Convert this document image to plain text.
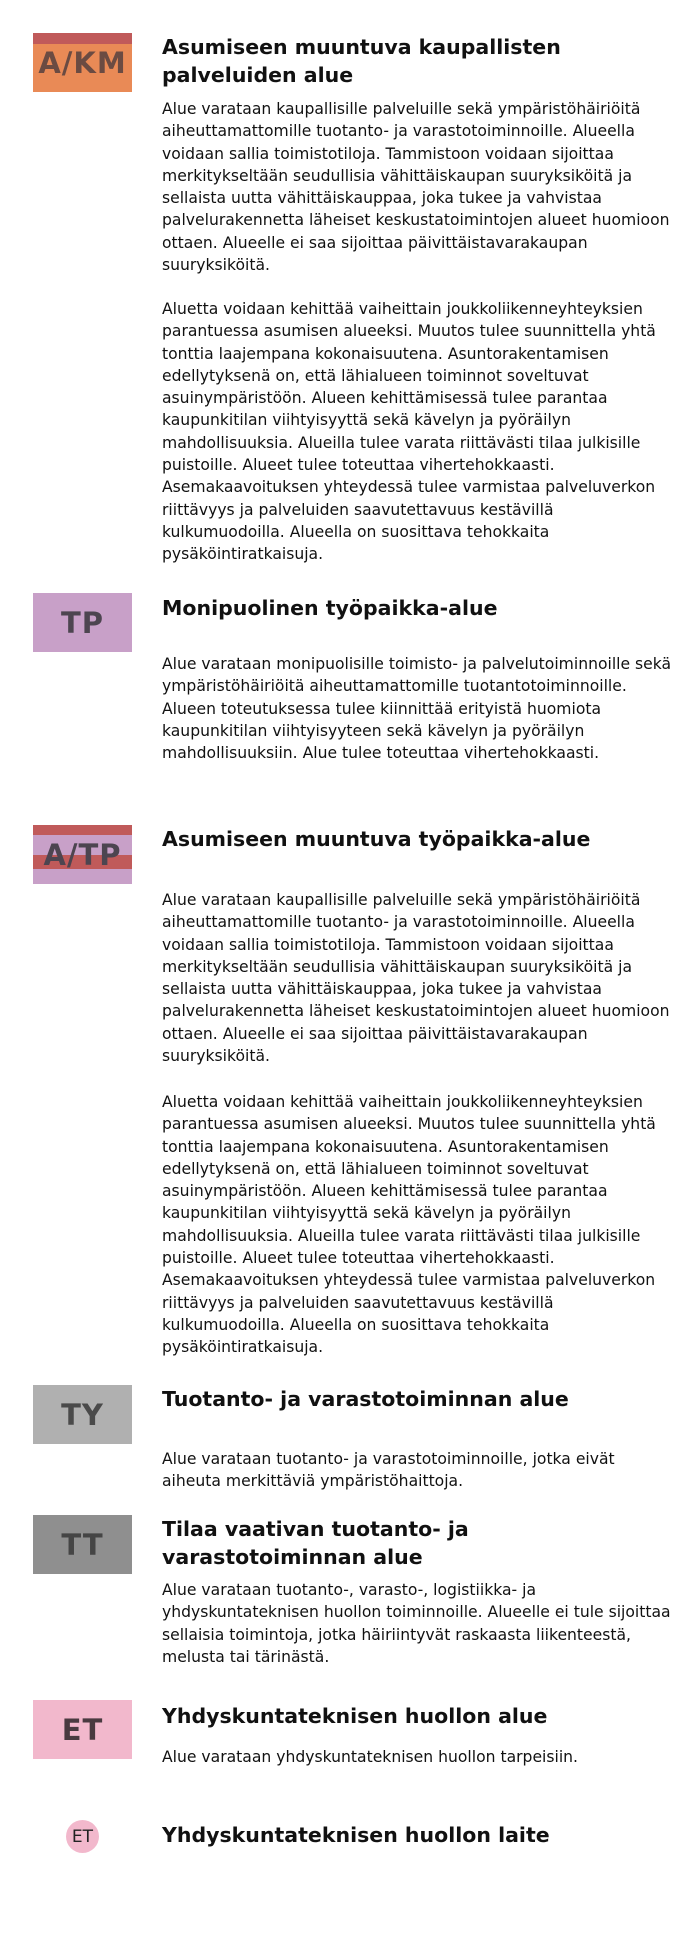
A/KM Asumiseen muuntuva kaupallisten palveluiden alue

Alue varataan kaupallisille palveluille sekä ympäristöhäiriöitä aiheuttamattomille tuotanto- ja varastotoiminnoille. Alueella voidaan sallia toimistotiloja. Tammistoon voidaan sijoittaa merkitykseltään seudullisia vähittäiskaupan suuryksiköitä ja sellaista uutta vähittäiskauppaa, joka tukee ja vahvistaa palvelurakennetta läheiset keskustatoimintojen alueet huomioon ottaen. Alueelle ei saa sijoittaa päivittäistavarakaupan suuryksiköitä.

Aluetta voidaan kehittää vaiheittain joukkoliikenneyhteyksien parantuessa asumisen alueeksi. Muutos tulee suunnittella yhtä tonttia laajempana kokonaisuutena. Asuntorakentamisen edellytyksenä on, että lähialueen toiminnot soveltuvat asuinympäristöön. Alueen kehittämisessä tulee parantaa kaupunkitilan viihtyisyyttä sekä kävelyn ja pyöräilyn mahdollisuuksia. Alueilla tulee varata riittävästi tilaa julkisille puistoille. Alueet tulee toteuttaa vihertehokkaasti. Asemakaavoituksen yhteydessä tulee varmistaa palveluverkon riittävyys ja palveluiden saavutettavuus kestävillä kulkumuodoilla. Alueella on suosittava tehokkaita pysäköintiratkaisuja.

TP	Monipuolinen työpaikka-alue

Alue varataan monipuolisille toimisto- ja palvelutoiminnoille sekä ympäristöhäiriöitä aiheuttamattomille tuotantotoiminnoille. Alueen toteutuksessa tulee kiinnittää erityistä huomiota kaupunkitilan viihtyisyyteen sekä kävelyn ja pyöräilyn mahdollisuuksiin. Alue tulee toteuttaa vihertehokkaasti.

A/TP Asumiseen muuntuva työpaikka-alue

Alue varataan kaupallisille palveluille sekä ympäristöhäiriöitä aiheuttamattomille tuotanto- ja varastotoiminnoille. Alueella voidaan sallia toimistotiloja. Tammistoon voidaan sijoittaa merkitykseltään seudullisia vähittäiskaupan suuryksiköitä ja sellaista uutta vähittäiskauppaa, joka tukee ja vahvistaa palvelurakennetta läheiset keskustatoimintojen alueet huomioon ottaen. Alueelle ei saa sijoittaa päivittäistavarakaupan suuryksiköitä.

Aluetta voidaan kehittää vaiheittain joukkoliikenneyhteyksien parantuessa asumisen alueeksi. Muutos tulee suunnittella yhtä tonttia laajempana kokonaisuutena. Asuntorakentamisen edellytyksenä on, että lähialueen toiminnot soveltuvat asuinympäristöön. Alueen kehittämisessä tulee parantaa kaupunkitilan viihtyisyyttä sekä kävelyn ja pyöräilyn mahdollisuuksia. Alueilla tulee varata riittävästi tilaa julkisille puistoille. Alueet tulee toteuttaa vihertehokkaasti. Asemakaavoituksen yhteydessä tulee varmistaa palveluverkon riittävyys ja palveluiden saavutettavuus kestävillä kulkumuodoilla. Alueella on suosittava tehokkaita pysäköintiratkaisuja.

TY	Tuotanto- ja varastotoiminnan alue

Alue varataan tuotanto- ja varastotoiminnoille, jotka eivät aiheuta merkittäviä ympäristöhaittoja.

TT	Tilaa vaativan tuotanto- ja varastotoiminnan alue

Alue varataan tuotanto-, varasto-, logistiikka- ja yhdyskuntateknisen huollon toiminnoille. Alueelle ei tule sijoittaa sellaisia toimintoja, jotka häiriintyvät raskaasta liikenteestä, melusta tai tärinästä.

ET	Yhdyskuntateknisen huollon alue

Alue varataan yhdyskuntateknisen huollon tarpeisiin.

ET	Yhdyskuntateknisen huollon laite
